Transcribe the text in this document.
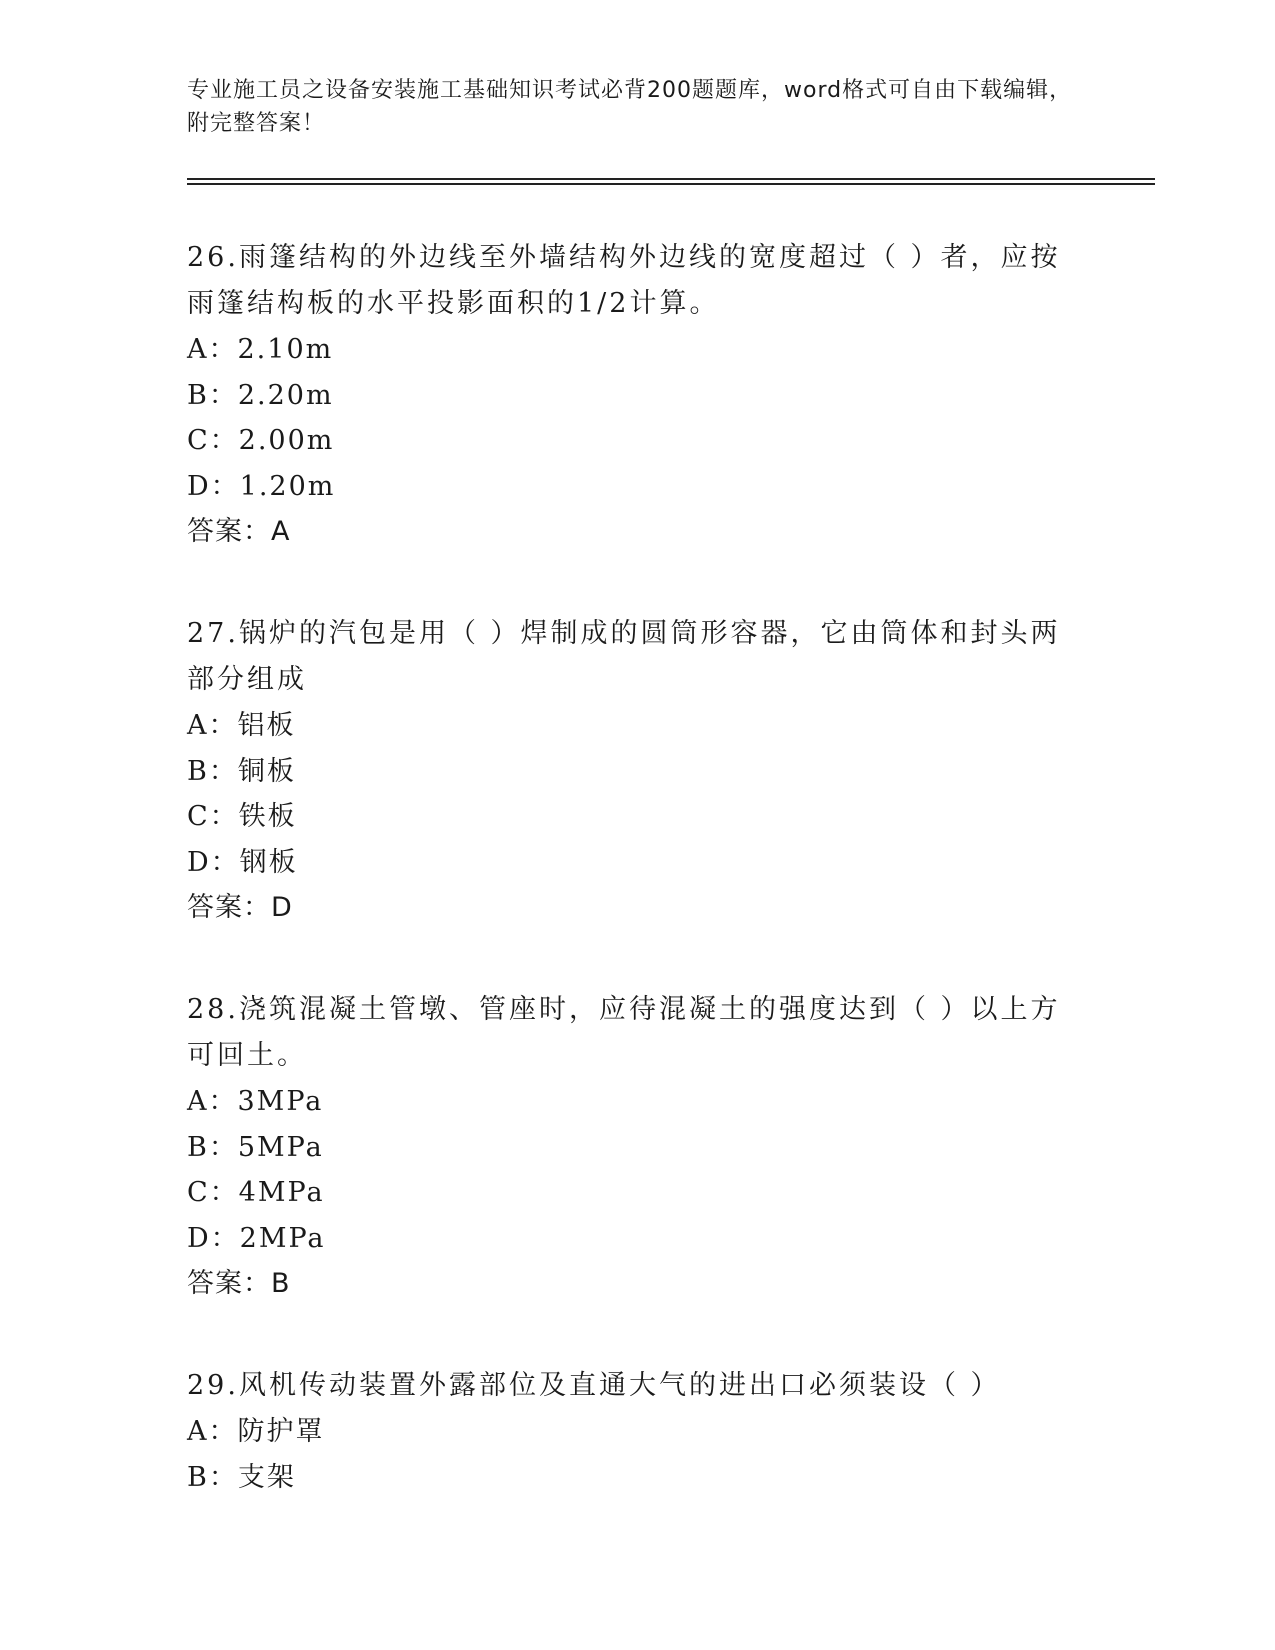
专业施工员之设备安装施工基础知识考试必背200题题库，word格式可自由下载编辑，附完整答案！

26.雨篷结构的外边线至外墙结构外边线的宽度超过（ ）者，应按雨篷结构板的水平投影面积的1/2计算。

A：2.10m
B：2.20m
C：2.00m
D：1.20m
答案：A

27.锅炉的汽包是用（ ）焊制成的圆筒形容器，它由筒体和封头两部分组成

A：铝板
B：铜板
C：铁板
D：钢板
答案：D

28.浇筑混凝土管墩、管座时，应待混凝土的强度达到（ ）以上方可回土。

A：3MPa
B：5MPa
C：4MPa
D：2MPa
答案：B

29.风机传动装置外露部位及直通大气的进出口必须装设（ ）

A：防护罩
B：支架
